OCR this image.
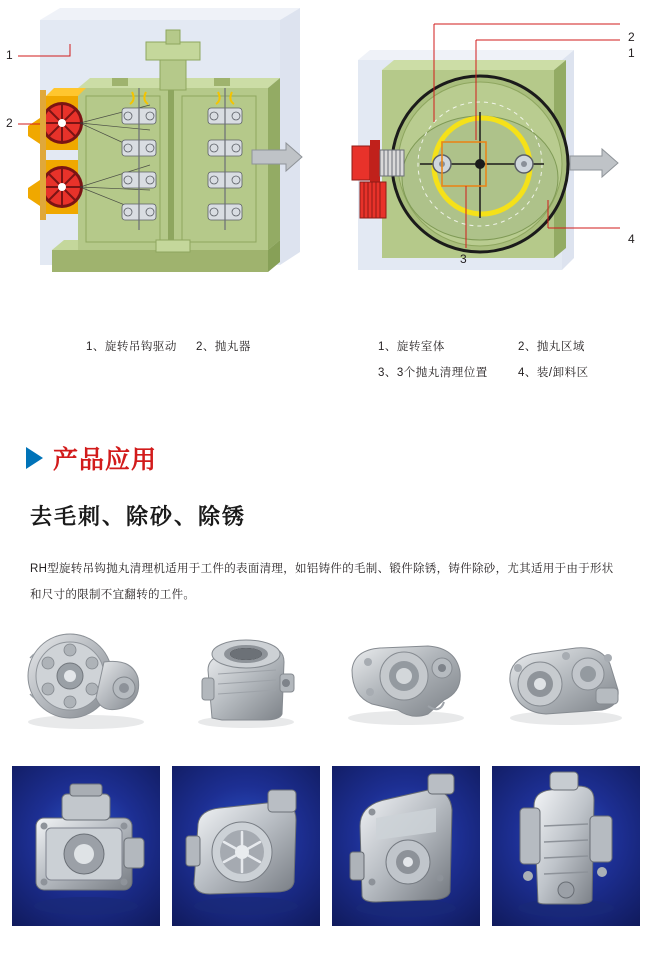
1
2
1、旋转吊钩驱动 2、抛丸器
2
1
3
4
1、旋转室体	2、抛丸区域
3、3个抛丸清理位置	4、装/卸料区
产品应用
去毛刺、除砂、除锈
RH型旋转吊钩抛丸清理机适用于工件的表面清理，如铝铸件的毛制、锻件除锈，铸件除砂，尤其适用于由于形状和尺寸的限制不宜翻转的工件。
